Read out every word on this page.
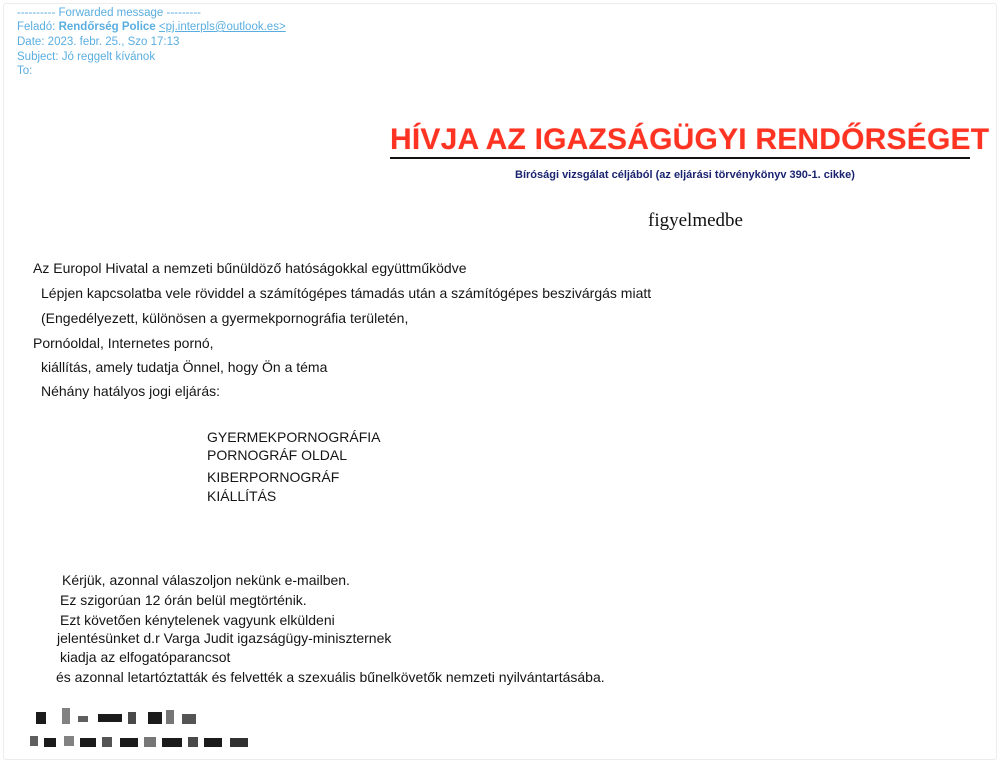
---------- Forwarded message ---------
Feladó: Rendőrség Police <pj.interpls@outlook.es>
Date: 2023. febr. 25., Szo 17:13
Subject: Jó reggelt kívánok
To:
HÍVJA AZ IGAZSÁGÜGYI RENDŐRSÉGET
Bírósági vizsgálat céljából (az eljárási törvénykönyv 390-1. cikke)
figyelmedbe
Az Europol Hivatal a nemzeti bűnüldöző hatóságokkal együttműködve
Lépjen kapcsolatba vele röviddel a számítógépes támadás után a számítógépes beszivárgás miatt
(Engedélyezett, különösen a gyermekpornográfia területén,
Pornóoldal, Internetes pornó,
kiállítás, amely tudatja Önnel, hogy Ön a téma
Néhány hatályos jogi eljárás:
GYERMEKPORNOGRÁFIA
PORNOGRÁF OLDAL
KIBERPORNOGRÁF
KIÁLLÍTÁS
Kérjük, azonnal válaszoljon nekünk e-mailben.
Ez szigorúan 12 órán belül megtörténik.
Ezt követően kénytelenek vagyunk elküldeni
jelentésünket d.r Varga Judit igazságügy-miniszternek
kiadja az elfogatóparancsot
és azonnal letartóztatták és felvették a szexuális bűnelkövetők nemzeti nyilvántartásába.
